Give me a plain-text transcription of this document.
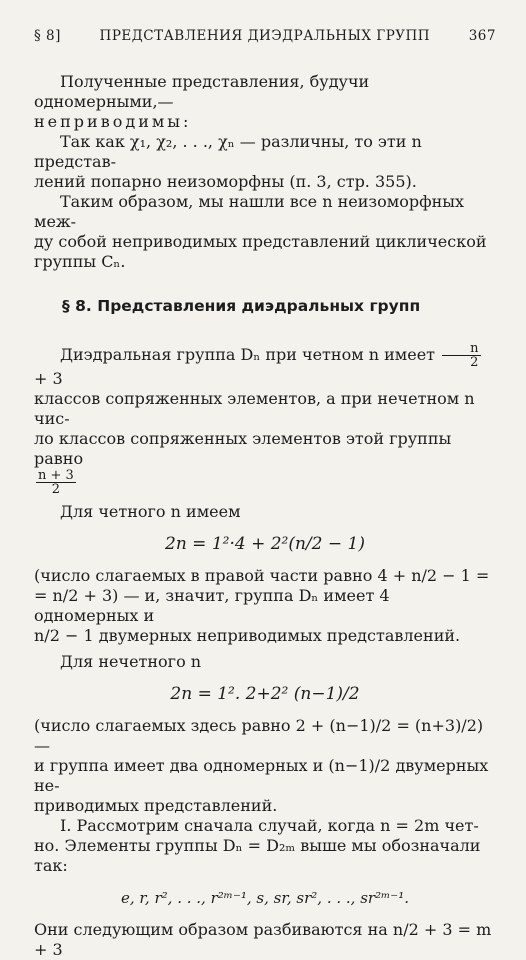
§ 8]	ПРЕДСТАВЛЕНИЯ ДИЭДРАЛЬНЫХ ГРУПП	367
Полученные представления, будучи одномерными,—
неприводимы:
Так как χ₁, χ₂, . . ., χₙ — различны, то эти n представ-
лений попарно неизоморфны (п. 3, стр. 355).
Таким образом, мы нашли все n неизоморфных меж-
ду собой неприводимых представлений циклической
группы Cₙ.
§ 8. Представления диэдральных групп
Диэдральная группа Dₙ при четном n имеет $\frac{n}{2}$
+ 3
классов сопряженных элементов, а при нечетном n чис-
ло классов сопряженных элементов этой группы равно
$\frac{n + 3}{2}$
Для четного n имеем
2n = 1²·4 + 2²(n/2 − 1)
(число слагаемых в правой части равно 4 + n/2 − 1 =
= n/2 + 3) — и, значит, группа Dₙ имеет 4 одномерных и
n/2 − 1 двумерных неприводимых представлений.
Для нечетного n
2n = 1². 2+2² (n−1)/2
(число слагаемых здесь равно 2 + (n−1)/2 = (n+3)/2) —
и группа имеет два одномерных и (n−1)/2 двумерных не-
приводимых представлений.
I. Рассмотрим сначала случай, когда n = 2m чет-
но. Элементы группы Dₙ = D₂ₘ выше мы обозначали
так:
e, r, r², . . ., r²ᵐ⁻¹, s, sr, sr², . . ., sr²ᵐ⁻¹.
Они следующим образом разбиваются на n/2 + 3 = m + 3
